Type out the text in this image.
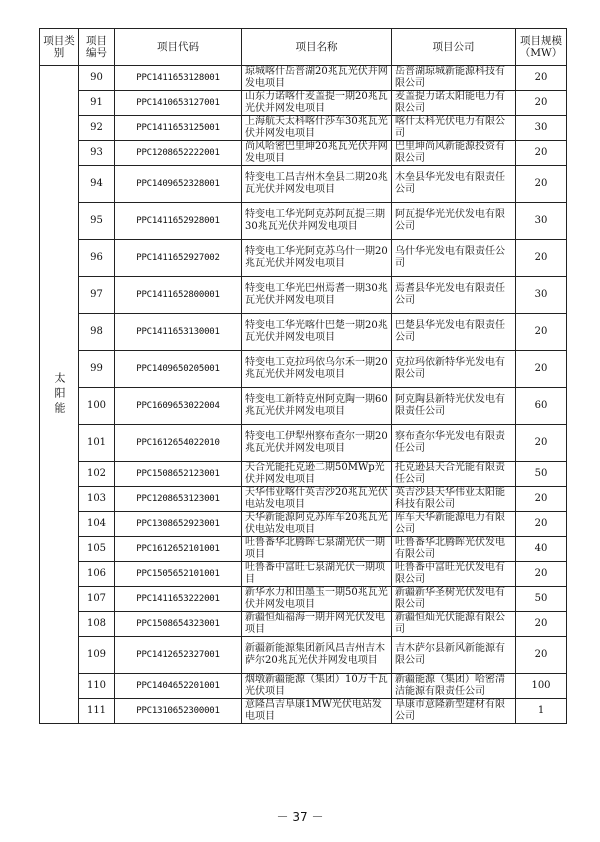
项目类别	项目编号	项目代码	项目名称	项目公司	项目规模（MW）
太阳能	90	PPC1411653128001	琼城喀什岳普湖20兆瓦光伏并网发电项目	岳普湖琼城新能源科技有限公司	20
	91	PPC1410653127001	山东力诺喀什麦盖提一期20兆瓦光伏并网发电项目	麦盖提力诺太阳能电力有限公司	20
	92	PPC1411653125001	上海航天太科喀什莎车30兆瓦光伏并网发电项目	喀什太科光伏电力有限公司	30
	93	PPC1208652222001	尚风哈密巴里坤20兆瓦光伏并网发电项目	巴里坤尚风新能源投资有限公司	20
	94	PPC1409652328001	特变电工昌吉州木垒县二期20兆瓦光伏并网发电项目	木垒县华光发电有限责任公司	20
	95	PPC1411652928001	特变电工华光阿克苏阿瓦提三期30兆瓦光伏并网发电项目	阿瓦提华光光伏发电有限公司	30
	96	PPC1411652927002	特变电工华光阿克苏乌什一期20兆瓦光伏并网发电项目	乌什华光发电有限责任公司	20
	97	PPC1411652800001	特变电工华光巴州焉耆一期30兆瓦光伏并网发电项目	焉耆县华光发电有限责任公司	30
	98	PPC1411653130001	特变电工华光喀什巴楚一期20兆瓦光伏并网发电项目	巴楚县华光发电有限责任公司	20
	99	PPC1409650205001	特变电工克拉玛依乌尔禾一期20兆瓦光伏并网发电项目	克拉玛依新特华光发电有限公司	20
	100	PPC1609653022004	特变电工新特克州阿克陶一期60兆瓦光伏并网发电项目	阿克陶县新特光伏发电有限责任公司	60
	101	PPC1612654022010	特变电工伊犁州察布查尔一期20兆瓦光伏并网发电项目	察布查尔华光发电有限责任公司	20
	102	PPC1508652123001	天合光能托克逊二期50MWp光伏并网发电项目	托克逊县天合光能有限责任公司	50
	103	PPC1208653123001	天华伟业喀什英吉沙20兆瓦光伏电站发电项目	英吉沙县天华伟业太阳能科技有限公司	20
	104	PPC1308652923001	天华新能源阿克苏库车20兆瓦光伏电站发电项目	库车天华新能源电力有限公司	20
	105	PPC1612652101001	吐鲁番华北腾晖七泉湖光伏一期项目	吐鲁番华北腾晖光伏发电有限公司	40
	106	PPC1505652101001	吐鲁番中富旺七泉湖光伏一期项目	吐鲁番中富旺光伏发电有限公司	20
	107	PPC1411653222001	新华水力和田墨玉一期50兆瓦光伏并网发电项目	新疆新华圣树光伏发电有限公司	50
	108	PPC1508654323001	新疆恒灿福海一期并网光伏发电项目	新疆恒灿光伏能源有限公司	20
	109	PPC1412652327001	新疆新能源集团新风昌吉州吉木萨尔20兆瓦光伏并网发电项目	吉木萨尔县新风新能源有限公司	20
	110	PPC1404652201001	烟墩新疆能源（集团）10万千瓦光伏项目	新疆能源（集团）哈密清洁能源有限责任公司	100
	111	PPC1310652300001	意隆昌吉阜康1MW光伏电站发电项目	阜康市意隆新型建材有限公司	1
－ 37 －
